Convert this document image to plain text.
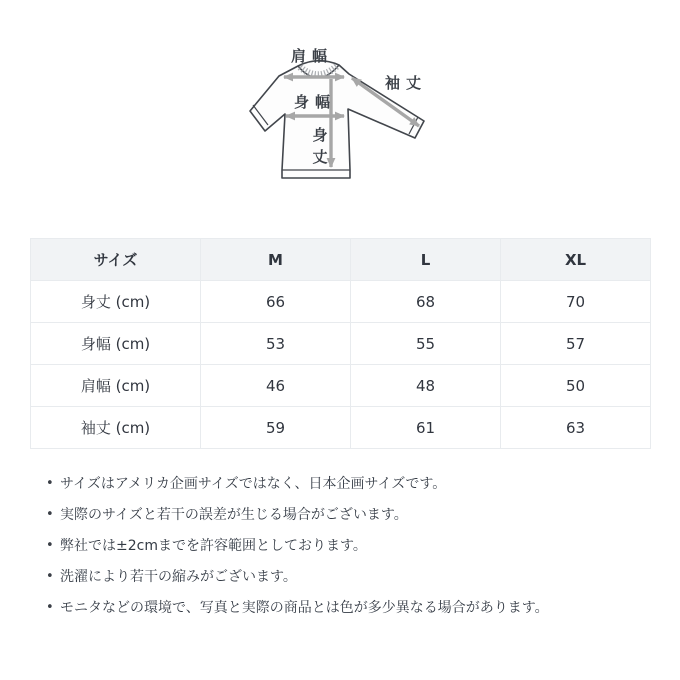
肩幅
袖丈
身幅
身
丈
サイズ	M	L	XL
身丈 (cm)	66	68	70
身幅 (cm)	53	55	57
肩幅 (cm)	46	48	50
袖丈 (cm)	59	61	63
• サイズはアメリカ企画サイズではなく、日本企画サイズです。
• 実際のサイズと若干の誤差が生じる場合がございます。
• 弊社では±2cmまでを許容範囲としております。
• 洗濯により若干の縮みがございます。
• モニタなどの環境で、写真と実際の商品とは色が多少異なる場合があります。
